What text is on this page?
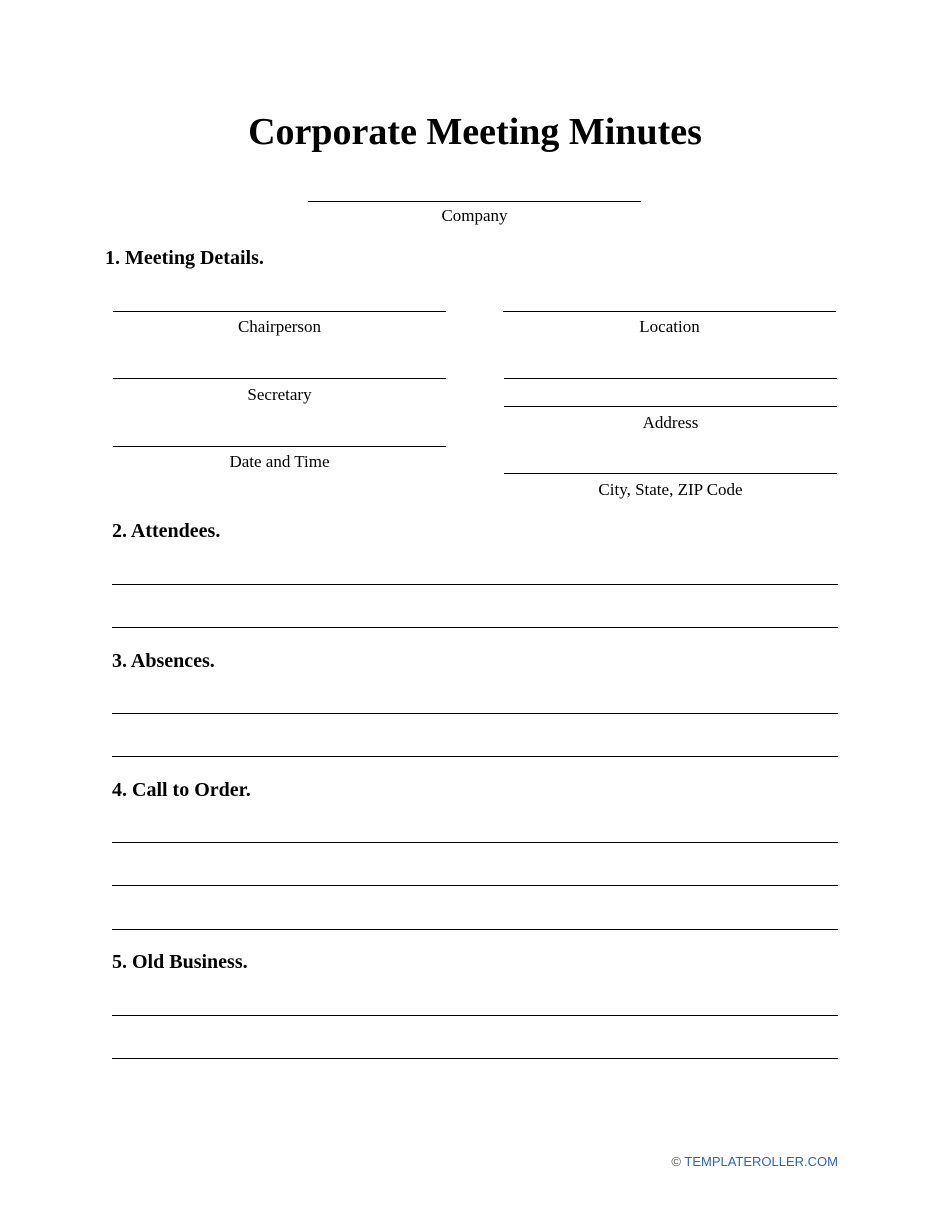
Corporate Meeting Minutes
Company
1. Meeting Details.
Chairperson	Location
Secretary
Address
Date and Time
City, State, ZIP Code
2. Attendees.
3. Absences.
4. Call to Order.
5. Old Business.
© TEMPLATEROLLER.COM
